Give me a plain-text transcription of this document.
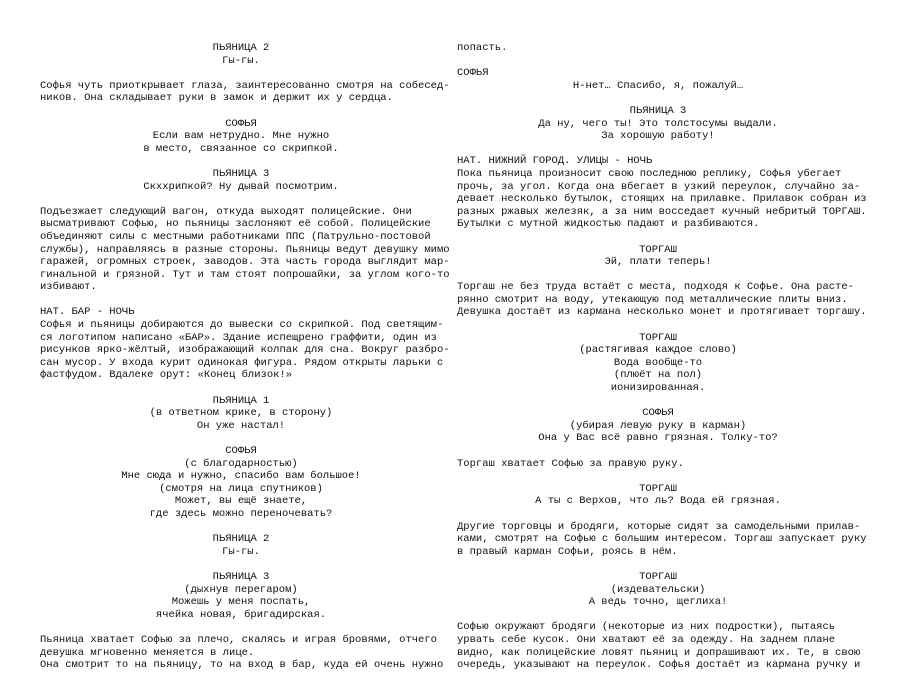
ПЬЯНИЦА 2

Гы-гы.

Софья чуть приоткрывает глаза, заинтересованно смотря на собесед-

ников. Она складывает руки в замок и держит их у сердца.

СОФЬЯ

Если вам нетрудно. Мне нужно

в место, связанное со скрипкой.

ПЬЯНИЦА 3

Скххрипкой? Ну дывай посмотрим.

Подъезжает следующий вагон, откуда выходят полицейские. Они

высматривают Софью, но пьяницы заслоняют её собой. Полицейские

объединяют силы с местными работниками ППС (Патрульно-постовой

службы), направляясь в разные стороны. Пьяницы ведут девушку мимо

гаражей, огромных строек, заводов. Эта часть города выглядит мар-

гинальной и грязной. Тут и там стоят попрошайки, за углом кого-то

избивают.

НАТ. БАР - НОЧЬ

Софья и пьяницы добираются до вывески со скрипкой. Под светящим-

ся логотипом написано «БАР». Здание испещрено граффити, один из

рисунков ярко-жёлтый, изображающий колпак для сна. Вокруг разбро-

сан мусор. У входа курит одинокая фигура. Рядом открыты ларьки с

фастфудом. Вдалеке орут: «Конец близок!»

ПЬЯНИЦА 1

(в ответном крике, в сторону)

Он уже настал!

СОФЬЯ

(с благодарностью)

Мне сюда и нужно, спасибо вам большое!

(смотря на лица спутников)

Может, вы ещё знаете,

где здесь можно переночевать?

ПЬЯНИЦА 2

Гы-гы.

ПЬЯНИЦА 3

(дыхнув перегаром)

Можешь у меня поспать,

ячейка новая, бригадирская.

Пьяница хватает Софью за плечо, скалясь и играя бровями, отчего

девушка мгновенно меняется в лице.

Она смотрит то на пьяницу, то на вход в бар, куда ей очень нужно

попасть.

СОФЬЯ

Н-нет… Спасибо, я, пожалуй…

ПЬЯНИЦА 3

Да ну, чего ты! Это толстосумы выдали.

За хорошую работу!

НАТ. НИЖНИЙ ГОРОД. УЛИЦЫ - НОЧЬ

Пока пьяница произносит свою последнюю реплику, Софья убегает

прочь, за угол. Когда она вбегает в узкий переулок, случайно за-

девает несколько бутылок, стоящих на прилавке. Прилавок собран из

разных ржавых железяк, а за ним восседает кучный небритый ТОРГАШ.

Бутылки с мутной жидкостью падают и разбиваются.

ТОРГАШ

Эй, плати теперь!

Торгаш не без труда встаёт с места, подходя к Софье. Она расте-

рянно смотрит на воду, утекающую под металлические плиты вниз.

Девушка достаёт из кармана несколько монет и протягивает торгашу.

ТОРГАШ

(растягивая каждое слово)

Вода вообще-то

(плюёт на пол)

ионизированная.

СОФЬЯ

(убирая левую руку в карман)

Она у Вас всё равно грязная. Толку-то?

Торгаш хватает Софью за правую руку.

ТОРГАШ

А ты с Верхов, что ль? Вода ей грязная.

Другие торговцы и бродяги, которые сидят за самодельными прилав-

ками, смотрят на Софью с большим интересом. Торгаш запускает руку

в правый карман Софьи, роясь в нём.

ТОРГАШ

(издевательски)

А ведь точно, щеглиха!

Софью окружают бродяги (некоторые из них подростки), пытаясь

урвать себе кусок. Они хватают её за одежду. На заднем плане

видно, как полицейские ловят пьяниц и допрашивают их. Те, в свою

очередь, указывают на переулок. Софья достаёт из кармана ручку и
